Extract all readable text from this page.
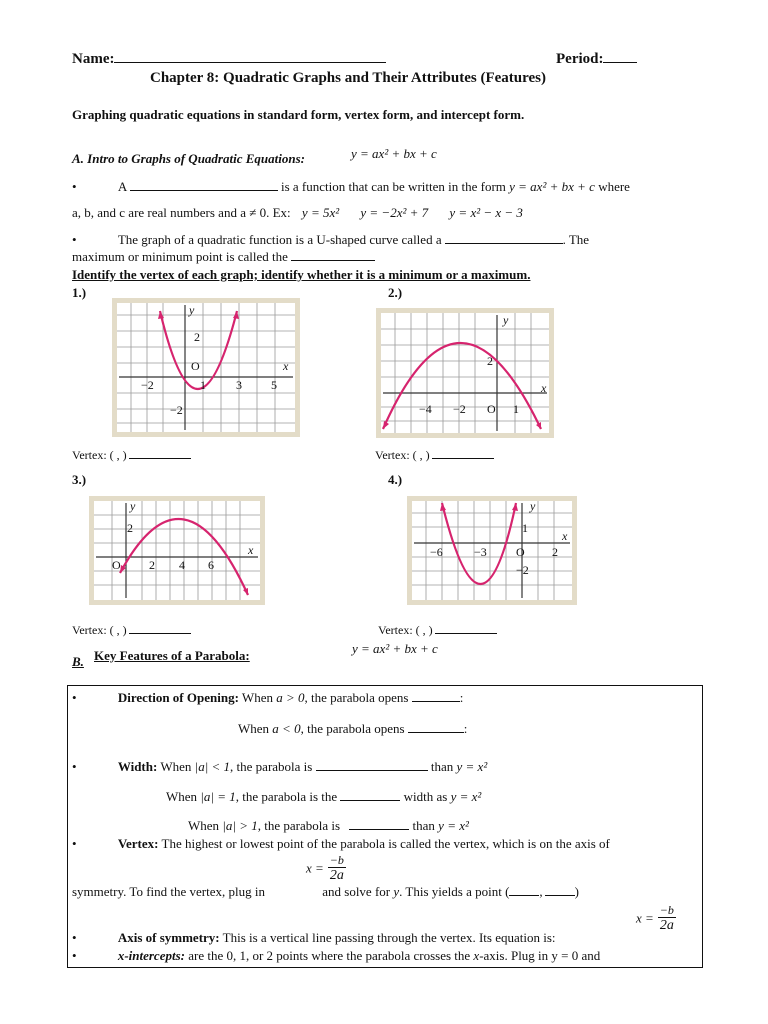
Name:	Period:
Chapter 8: Quadratic Graphs and Their Attributes (Features)
Graphing quadratic equations in standard form, vertex form, and intercept form.
A. Intro to Graphs of Quadratic Equations:	y = ax² + bx + c
•	A	is a function that can be written in the form y = ax² + bx + c where
a, b, and c are real numbers and a ≠ 0. Ex: y = 5x² y = −2x² + 7 y = x² − x − 3
•	The graph of a quadratic function is a U-shaped curve called a	. The
maximum or minimum point is called the
Identify the vertex of each graph; identify whether it is a minimum or a maximum.
1.)	2.)
y
x
−2	1	3 5
2
−2
O
y
x
−4 −2	1
2
O
Vertex: ( , )	Vertex: ( , )
3.)	4.)
y
x
2 4 6
2
O
y
x
−6	−3	2
1
−2
O
Vertex: ( , )	Vertex: ( , )
B. Key Features of a Parabola:	y = ax² + bx + c
•	Direction of Opening: When a > 0, the parabola opens	:
When a < 0, the parabola opens	:
•	Width: When |a| < 1, the parabola is	than y = x²
When |a| = 1, the parabola is the	width as y = x²
When |a| > 1, the parabola is	than y = x²
•	Vertex: The highest or lowest point of the parabola is called the vertex, which is on the axis of
$x = \frac{-b}{2a}$
symmetry. To find the vertex, plug in	and solve for y. This yields a point ( , )
$x = \frac{-b}{2a}$
•	Axis of symmetry: This is a vertical line passing through the vertex. Its equation is:
•	x-intercepts: are the 0, 1, or 2 points where the parabola crosses the x-axis. Plug in y = 0 and
